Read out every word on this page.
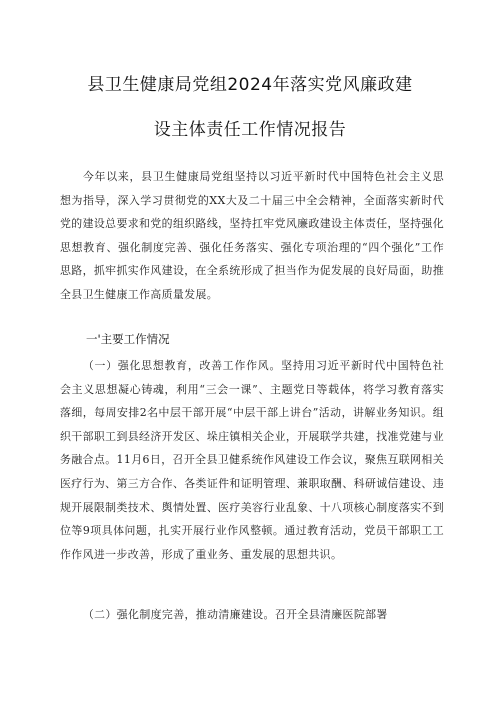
县卫生健康局党组2024年落实党风廉政建
设主体责任工作情况报告

今年以来，县卫生健康局党组坚持以习近平新时代中国特色社会主义思想为指导，深入学习贯彻党的XX大及二十届三中全会精神，全面落实新时代党的建设总要求和党的组织路线，坚持扛牢党风廉政建设主体责任，坚持强化思想教育、强化制度完善、强化任务落实、强化专项治理的“四个强化”工作思路，抓牢抓实作风建设，在全系统形成了担当作为促发展的良好局面，助推全县卫生健康工作高质量发展。

一'主要工作情况

（一）强化思想教育，改善工作作风。坚持用习近平新时代中国特色社会主义思想凝心铸魂，利用“三会一课”、主题党日等载体，将学习教育落实落细，每周安排2名中层干部开展“中层干部上讲台”活动，讲解业务知识。组织干部职工到县经济开发区、垛庄镇相关企业，开展联学共建，找准党建与业务融合点。11月6日，召开全县卫健系统作风建设工作会议，聚焦互联网相关医疗行为、第三方合作、各类证件和证明管理、兼职取酬、科研诚信建设、违规开展限制类技术、舆情处置、医疗美容行业乱象、十八项核心制度落实不到位等9项具体问题，扎实开展行业作风整顿。通过教育活动，党员干部职工工作作风进一步改善，形成了重业务、重发展的思想共识。

（二）强化制度完善，推动清廉建设。召开全县清廉医院部署
